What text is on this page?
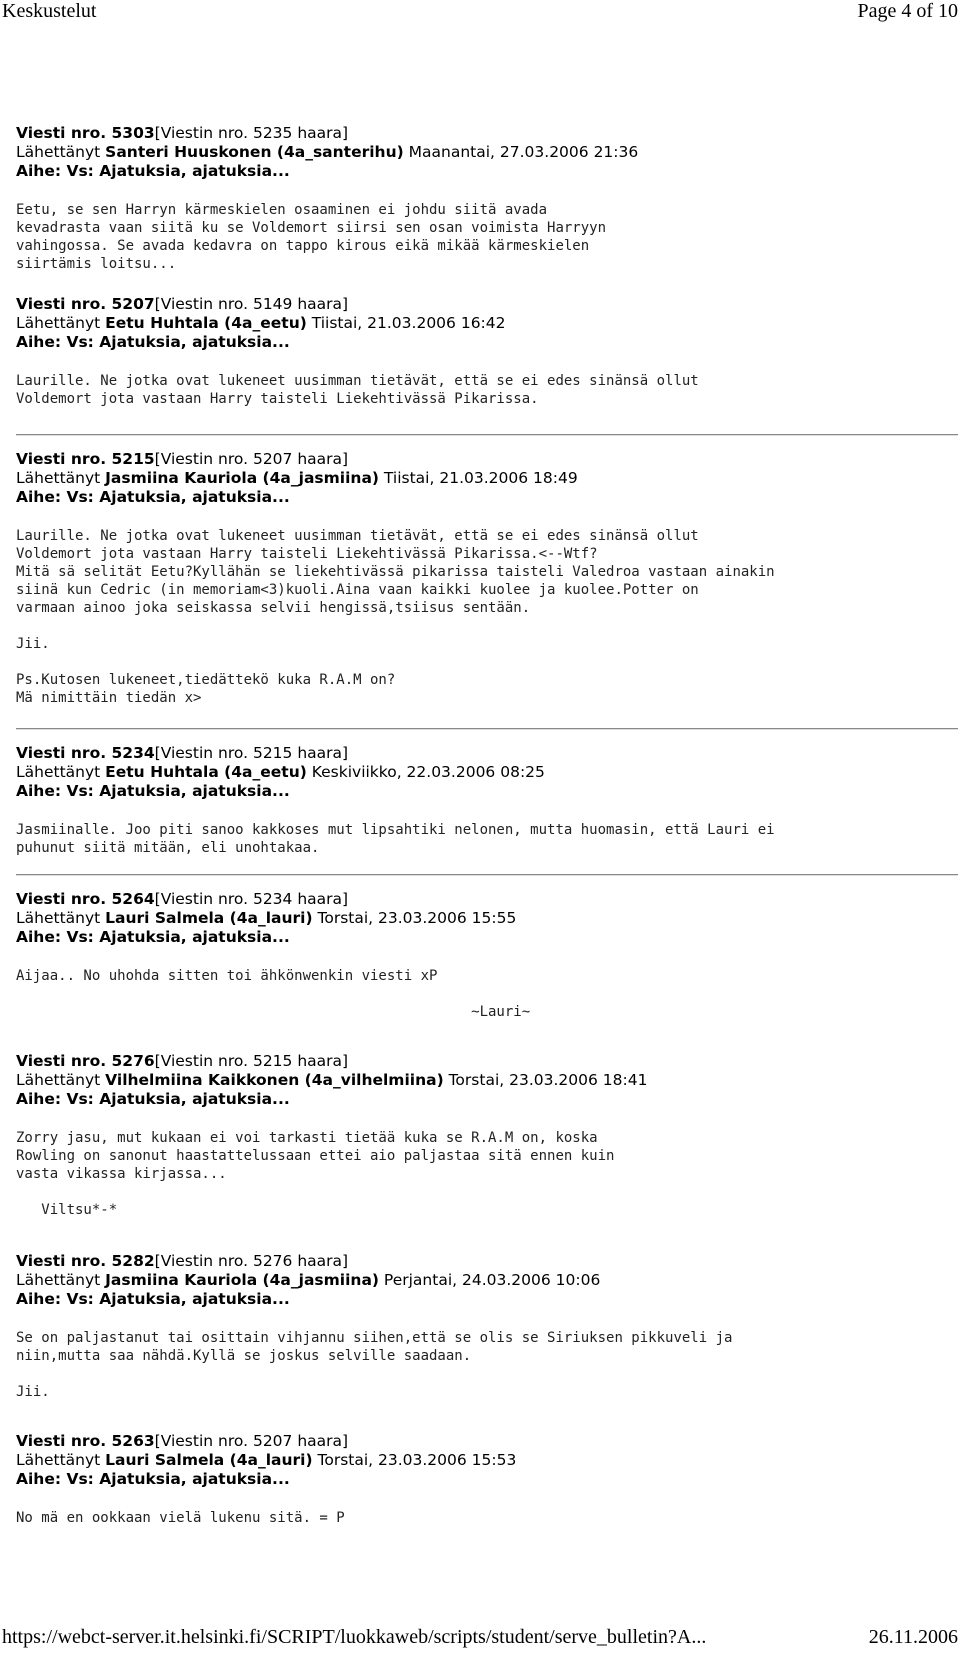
Keskustelut	Page 4 of 10
Viesti nro. 5303[Viestin nro. 5235 haara]
Lähettänyt Santeri Huuskonen (4a_santerihu) Maanantai, 27.03.2006 21:36
Aihe: Vs: Ajatuksia, ajatuksia...
Eetu, se sen Harryn kärmeskielen osaaminen ei johdu siitä avada
kevadrasta vaan siitä ku se Voldemort siirsi sen osan voimista Harryyn
vahingossa. Se avada kedavra on tappo kirous eikä mikää kärmeskielen
siirtämis loitsu...
Viesti nro. 5207[Viestin nro. 5149 haara]
Lähettänyt Eetu Huhtala (4a_eetu) Tiistai, 21.03.2006 16:42
Aihe: Vs: Ajatuksia, ajatuksia...
Laurille. Ne jotka ovat lukeneet uusimman tietävät, että se ei edes sinänsä ollut
Voldemort jota vastaan Harry taisteli Liekehtivässä Pikarissa.
Viesti nro. 5215[Viestin nro. 5207 haara]
Lähettänyt Jasmiina Kauriola (4a_jasmiina) Tiistai, 21.03.2006 18:49
Aihe: Vs: Ajatuksia, ajatuksia...
Laurille. Ne jotka ovat lukeneet uusimman tietävät, että se ei edes sinänsä ollut
Voldemort jota vastaan Harry taisteli Liekehtivässä Pikarissa.<--Wtf?
Mitä sä selität Eetu?Kyllähän se liekehtivässä pikarissa taisteli Valedroa vastaan ainakin
siinä kun Cedric (in memoriam<3)kuoli.Aina vaan kaikki kuolee ja kuolee.Potter on
varmaan ainoo joka seiskassa selvii hengissä,tsiisus sentään.

Jii.

Ps.Kutosen lukeneet,tiedättekö kuka R.A.M on?
Mä nimittäin tiedän x>
Viesti nro. 5234[Viestin nro. 5215 haara]
Lähettänyt Eetu Huhtala (4a_eetu) Keskiviikko, 22.03.2006 08:25
Aihe: Vs: Ajatuksia, ajatuksia...
Jasmiinalle. Joo piti sanoo kakkoses mut lipsahtiki nelonen, mutta huomasin, että Lauri ei
puhunut siitä mitään, eli unohtakaa.
Viesti nro. 5264[Viestin nro. 5234 haara]
Lähettänyt Lauri Salmela (4a_lauri) Torstai, 23.03.2006 15:55
Aihe: Vs: Ajatuksia, ajatuksia...
Aijaa.. No uhohda sitten toi ähkönwenkin viesti xP

~Lauri~
Viesti nro. 5276[Viestin nro. 5215 haara]
Lähettänyt Vilhelmiina Kaikkonen (4a_vilhelmiina) Torstai, 23.03.2006 18:41
Aihe: Vs: Ajatuksia, ajatuksia...
Zorry jasu, mut kukaan ei voi tarkasti tietää kuka se R.A.M on, koska
Rowling on sanonut haastattelussaan ettei aio paljastaa sitä ennen kuin
vasta vikassa kirjassa...

Viltsu*-*
Viesti nro. 5282[Viestin nro. 5276 haara]
Lähettänyt Jasmiina Kauriola (4a_jasmiina) Perjantai, 24.03.2006 10:06
Aihe: Vs: Ajatuksia, ajatuksia...
Se on paljastanut tai osittain vihjannu siihen,että se olis se Siriuksen pikkuveli ja
niin,mutta saa nähdä.Kyllä se joskus selville saadaan.

Jii.
Viesti nro. 5263[Viestin nro. 5207 haara]
Lähettänyt Lauri Salmela (4a_lauri) Torstai, 23.03.2006 15:53
Aihe: Vs: Ajatuksia, ajatuksia...
No mä en ookkaan vielä lukenu sitä. = P
https://webct-server.it.helsinki.fi/SCRIPT/luokkaweb/scripts/student/serve_bulletin?A...	26.11.2006
